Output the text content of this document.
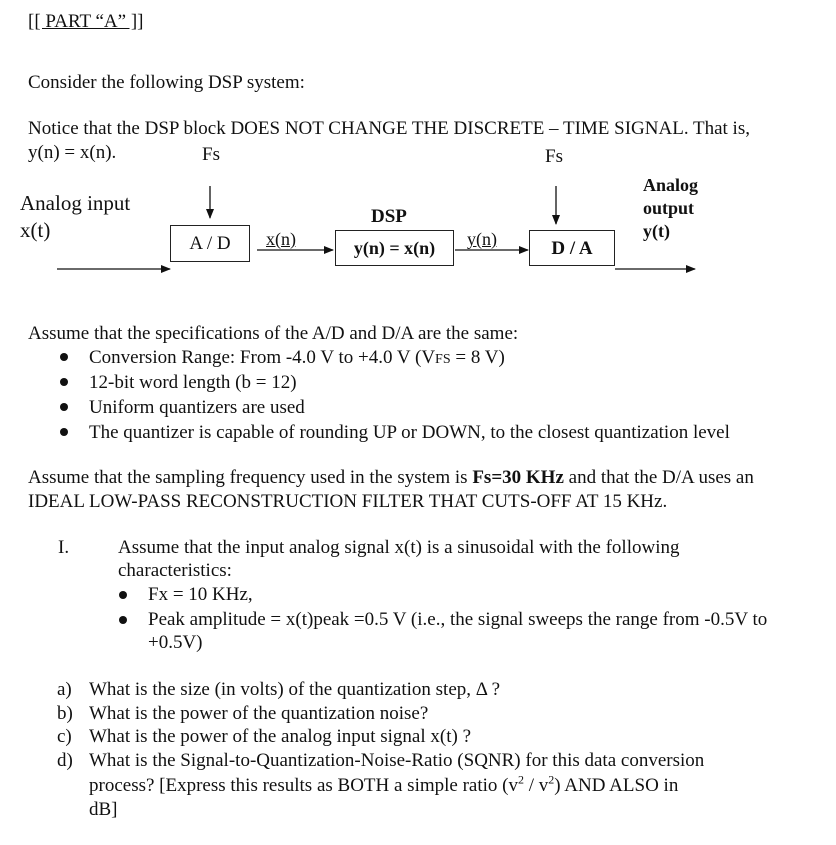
[[ PART “A” ]]
Consider the following DSP system:
Notice that the DSP block DOES NOT CHANGE THE DISCRETE – TIME SIGNAL. That is,
y(n) = x(n).	Fs	Fs
Analog input
x(t)
A / D	x(n)
DSP
y(n) = x(n)	y(n)	D / A
Analog
output
y(t)
Assume that the specifications of the A/D and D/A are the same:
Conversion Range: From -4.0 V to +4.0 V (VFS = 8 V)
12-bit word length (b = 12)
Uniform quantizers are used
The quantizer is capable of rounding UP or DOWN, to the closest quantization level
Assume that the sampling frequency used in the system is Fs=30 KHz and that the D/A uses an
IDEAL LOW-PASS RECONSTRUCTION FILTER THAT CUTS-OFF AT 15 KHz.
I.	Assume that the input analog signal x(t) is a sinusoidal with the following
characteristics:
Fx = 10 KHz,
Peak amplitude = x(t)peak =0.5 V (i.e., the signal sweeps the range from -0.5V to
+0.5V)
a) What is the size (in volts) of the quantization step, Δ ?
b) What is the power of the quantization noise?
c) What is the power of the analog input signal x(t) ?
d) What is the Signal-to-Quantization-Noise-Ratio (SQNR) for this data conversion
process? [Express this results as BOTH a simple ratio $(v^2 / v^2)$ AND ALSO in
dB]
